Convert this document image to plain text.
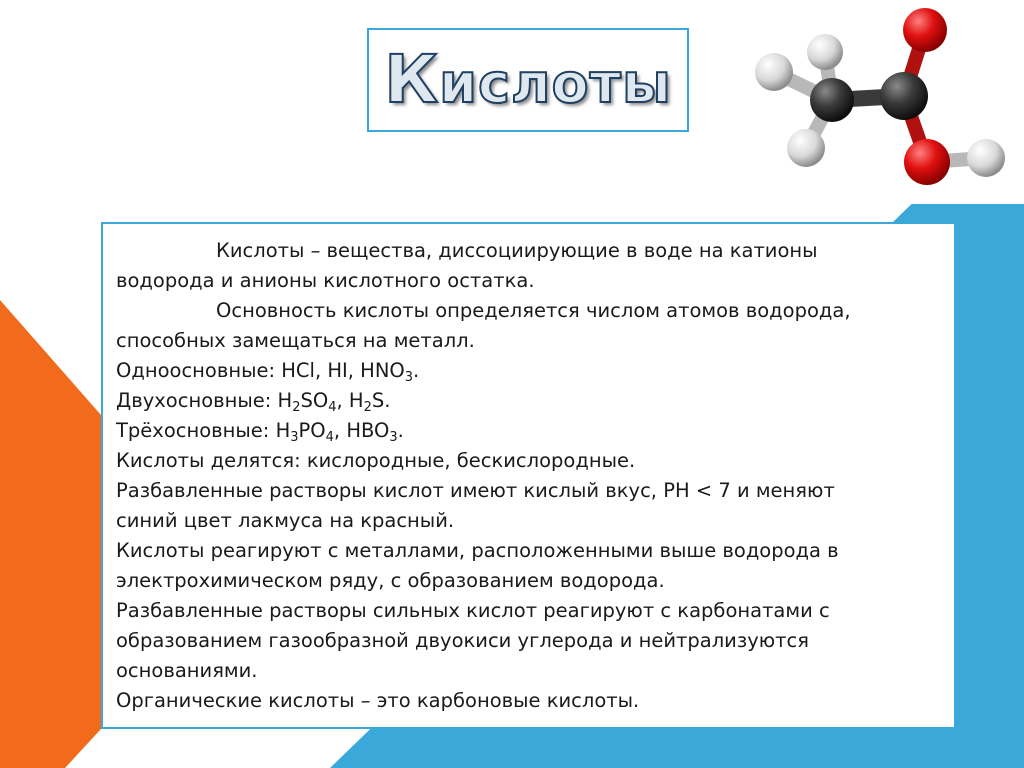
Кислоты

Кислоты – вещества, диссоциирующие в воде на катионы

водорода и анионы кислотного остатка.

Основность кислоты определяется числом атомов водорода,

способных замещаться на металл.

Одноосновные: HCl, HI, $HNO_3$.

Двухосновные: $H_2SO_4$, $H_2S$.

Трёхосновные: $H_3PO_4$, $HBO_3$.

Кислоты делятся: кислородные, бескислородные.

Разбавленные растворы кислот имеют кислый вкус, PH < 7 и меняют

синий цвет лакмуса на красный.

Кислоты реагируют с металлами, расположенными выше водорода в

электрохимическом ряду, с образованием водорода.

Разбавленные растворы сильных кислот реагируют с карбонатами с

образованием газообразной двуокиси углерода и нейтрализуются

основаниями.

Органические кислоты – это карбоновые кислоты.
